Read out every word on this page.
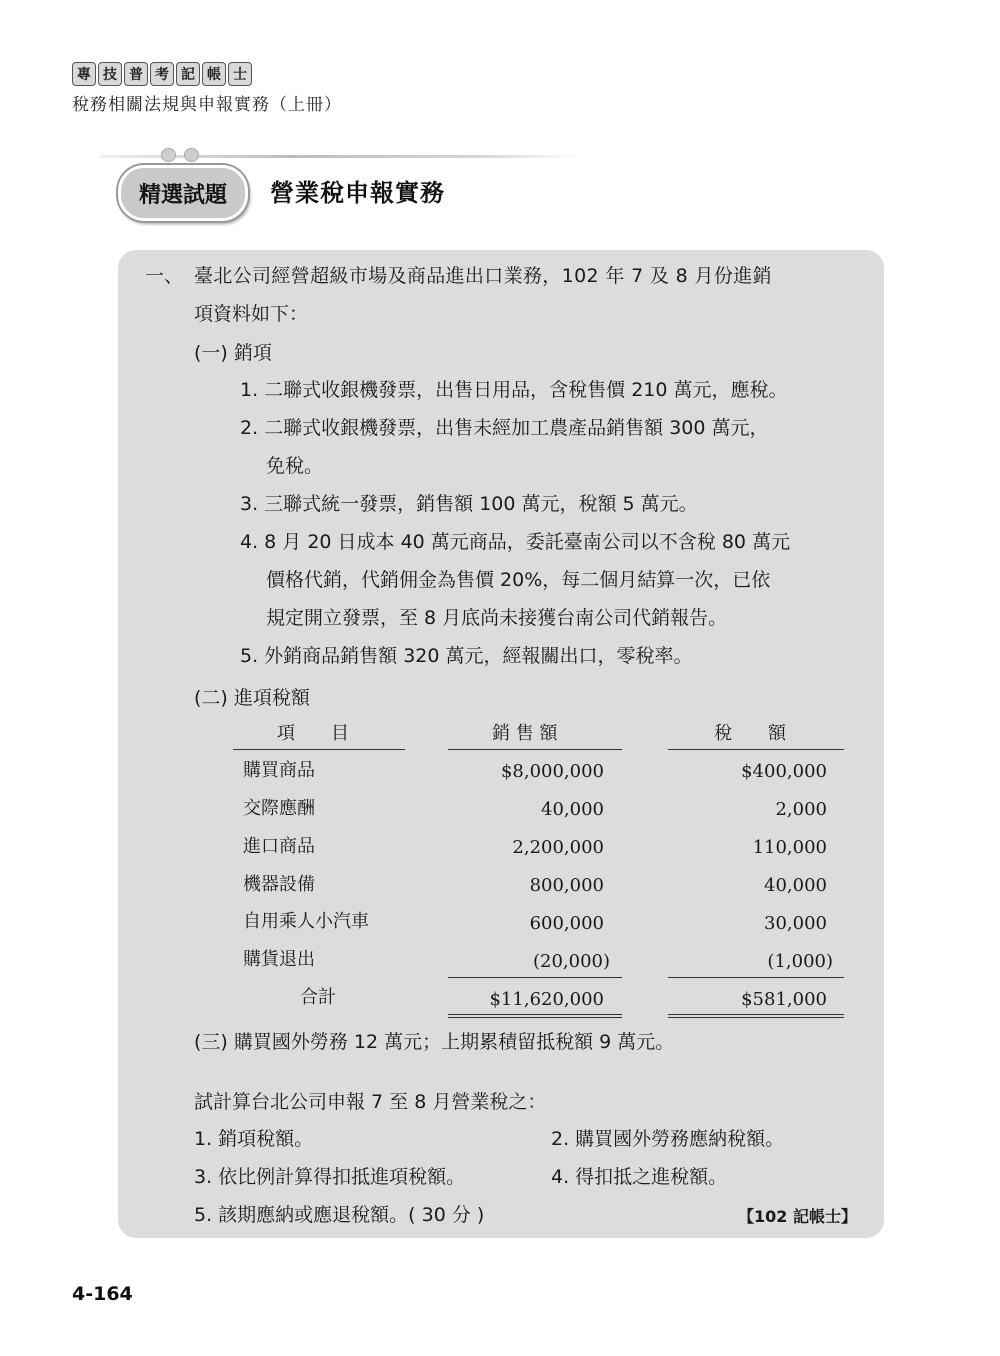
專 技 普 考 記 帳 士
稅務相關法規與申報實務（上冊）
精選試題	營業稅申報實務
一、 臺北公司經營超級市場及商品進出口業務，102 年 7 及 8 月份進銷
項資料如下：
(一) 銷項
1. 二聯式收銀機發票，出售日用品，含稅售價 210 萬元，應稅。
2. 二聯式收銀機發票，出售未經加工農產品銷售額 300 萬元，
免稅。
3. 三聯式統一發票，銷售額 100 萬元，稅額 5 萬元。
4. 8 月 20 日成本 40 萬元商品，委託臺南公司以不含稅 80 萬元
價格代銷，代銷佣金為售價 20%，每二個月結算一次，已依
規定開立發票，至 8 月底尚未接獲台南公司代銷報告。
5. 外銷商品銷售額 320 萬元，經報關出口，零稅率。
(二) 進項稅額
項　　目	銷 售 額	稅　　額
購買商品	$8,000,000	$400,000
交際應酬	40,000	2,000
進口商品	2,200,000	110,000
機器設備	800,000	40,000
自用乘人小汽車	600,000	30,000
購貨退出	(20,000)	(1,000)
合計	$11,620,000	$581,000
(三) 購買國外勞務 12 萬元；上期累積留抵稅額 9 萬元。
試計算台北公司申報 7 至 8 月營業稅之：
1. 銷項稅額。	2. 購買國外勞務應納稅額。
3. 依比例計算得扣抵進項稅額。	4. 得扣抵之進稅額。
5. 該期應納或應退稅額。( 30 分 )	【102 記帳士】
4-164
